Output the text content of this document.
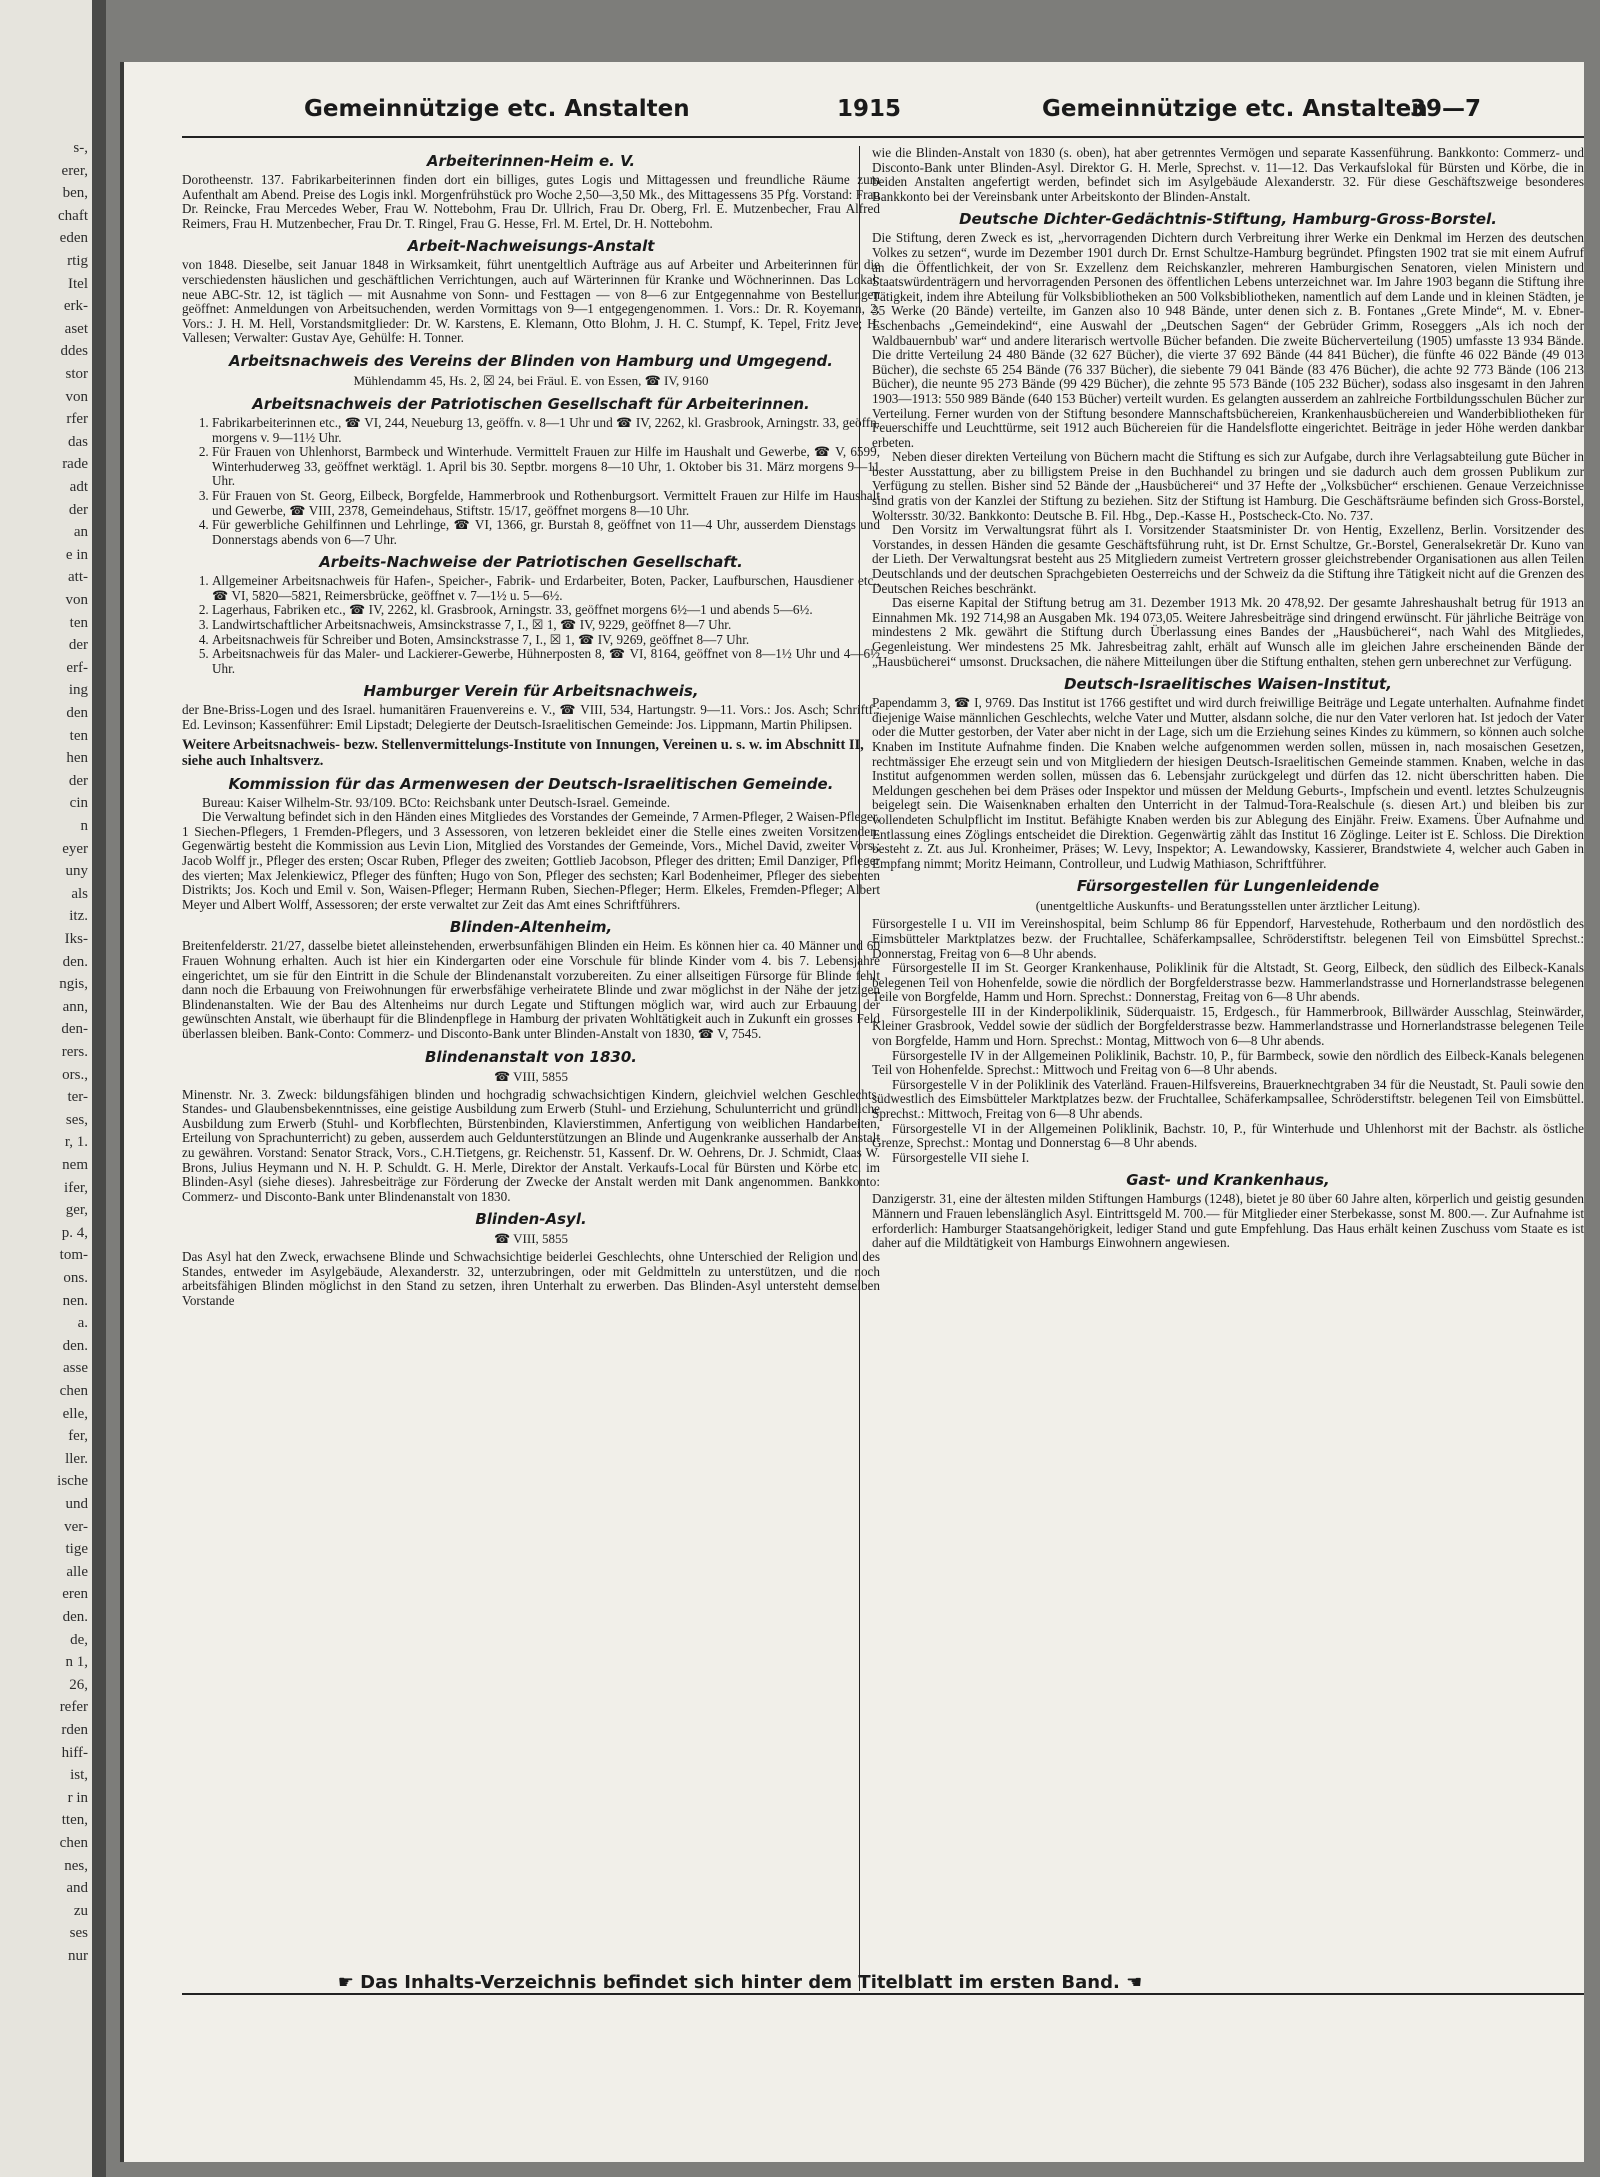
s-,
erer,
ben,
chaft
eden
rtig
Itel
erk-
aset
ddes
stor
von
rfer
das
rade
adt
der
an
e in
att-
von
ten
der
erf-
ing
den
ten
hen
der
cin
n
eyer
uny
als
itz.
Iks-
den.
ngis,
ann,
den-
rers.
ors.,
ter-
ses,
r, 1.
nem
ifer,
ger,
p. 4,
tom-
ons.
nen.
a.
den.
asse
chen
elle,
fer,
ller.
ische
und
ver-
tige
alle
eren
den.
de,
n 1,
26,
refer
rden
hiff-
ist,
r in
tten,
chen
nes,
and
zu
ses
nur
Gemeinnützige etc. Anstalten	1915	Gemeinnützige etc. Anstalten
39—7
Arbeiterinnen-Heim e. V.

Dorotheenstr. 137. Fabrikarbeiterinnen finden dort ein billiges, gutes Logis und Mittagessen und freundliche Räume zum Aufenthalt am Abend. Preise des Logis inkl. Morgenfrühstück pro Woche 2,50—3,50 Mk., des Mittagessens 35 Pfg. Vorstand: Frau Dr. Reincke, Frau Mercedes Weber, Frau W. Nottebohm, Frau Dr. Ullrich, Frau Dr. Oberg, Frl. E. Mutzenbecher, Frau Alfred Reimers, Frau H. Mutzenbecher, Frau Dr. T. Ringel, Frau G. Hesse, Frl. M. Ertel, Dr. H. Nottebohm.

Arbeit-Nachweisungs-Anstalt

von 1848. Dieselbe, seit Januar 1848 in Wirksamkeit, führt unentgeltlich Aufträge aus auf Arbeiter und Arbeiterinnen für die verschiedensten häuslichen und geschäftlichen Verrichtungen, auch auf Wärterinnen für Kranke und Wöchnerinnen. Das Lokal: neue ABC-Str. 12, ist täglich — mit Ausnahme von Sonn- und Festtagen — von 8—6 zur Entgegennahme von Bestellungen geöffnet: Anmeldungen von Arbeitsuchenden, werden Vormittags von 9—1 entgegengenommen. 1. Vors.: Dr. R. Koyemann, 2. Vors.: J. H. M. Hell, Vorstandsmitglieder: Dr. W. Karstens, E. Klemann, Otto Blohm, J. H. C. Stumpf, K. Tepel, Fritz Jeve; H. Vallesen; Verwalter: Gustav Aye, Gehülfe: H. Tonner.

Arbeitsnachweis des Vereins der Blinden von Hamburg und Umgegend.
Mühlendamm 45, Hs. 2, ☒ 24, bei Fräul. E. von Essen, ☎ IV, 9160
Arbeitsnachweis der Patriotischen Gesellschaft für Arbeiterinnen.
1. Fabrikarbeiterinnen etc., ☎ VI, 244, Neueburg 13, geöffn. v. 8—1 Uhr und ☎ IV, 2262, kl. Grasbrook, Arningstr. 33, geöffn. morgens v. 9—11½ Uhr.
2. Für Frauen von Uhlenhorst, Barmbeck und Winterhude. Vermittelt Frauen zur Hilfe im Haushalt und Gewerbe, ☎ V, 6599, Winterhuderweg 33, geöffnet werktägl. 1. April bis 30. Septbr. morgens 8—10 Uhr, 1. Oktober bis 31. März morgens 9—11 Uhr.
3. Für Frauen von St. Georg, Eilbeck, Borgfelde, Hammerbrook und Rothenburgsort. Vermittelt Frauen zur Hilfe im Haushalt und Gewerbe, ☎ VIII, 2378, Gemeindehaus, Stiftstr. 15/17, geöffnet morgens 8—10 Uhr.
4. Für gewerbliche Gehilfinnen und Lehrlinge, ☎ VI, 1366, gr. Burstah 8, geöffnet von 11—4 Uhr, ausserdem Dienstags und Donnerstags abends von 6—7 Uhr.
Arbeits-Nachweise der Patriotischen Gesellschaft.
1. Allgemeiner Arbeitsnachweis für Hafen-, Speicher-, Fabrik- und Erdarbeiter, Boten, Packer, Laufburschen, Hausdiener etc., ☎ VI, 5820—5821, Reimersbrücke, geöffnet v. 7—1½ u. 5—6½.
2. Lagerhaus, Fabriken etc., ☎ IV, 2262, kl. Grasbrook, Arningstr. 33, geöffnet morgens 6½—1 und abends 5—6½.
3. Landwirtschaftlicher Arbeitsnachweis, Amsinckstrasse 7, I., ☒ 1, ☎ IV, 9229, geöffnet 8—7 Uhr.
4. Arbeitsnachweis für Schreiber und Boten, Amsinckstrasse 7, I., ☒ 1, ☎ IV, 9269, geöffnet 8—7 Uhr.
5. Arbeitsnachweis für das Maler- und Lackierer-Gewerbe, Hühnerposten 8, ☎ VI, 8164, geöffnet von 8—1½ Uhr und 4—6½ Uhr.
Hamburger Verein für Arbeitsnachweis,

der Bne-Briss-Logen und des Israel. humanitären Frauenvereins e. V., ☎ VIII, 534, Hartungstr. 9—11. Vors.: Jos. Asch; Schriftf.: Ed. Levinson; Kassenführer: Emil Lipstadt; Delegierte der Deutsch-Israelitischen Gemeinde: Jos. Lippmann, Martin Philipsen.

Weitere Arbeitsnachweis- bezw. Stellenvermittelungs-Institute von Innungen, Vereinen u. s. w. im Abschnitt II, siehe auch Inhaltsverz.

Kommission für das Armenwesen der Deutsch-Israelitischen Gemeinde.

Bureau: Kaiser Wilhelm-Str. 93/109. BCto: Reichsbank unter Deutsch-Israel. Gemeinde.

Die Verwaltung befindet sich in den Händen eines Mitgliedes des Vorstandes der Gemeinde, 7 Armen-Pfleger, 2 Waisen-Pfleger, 1 Siechen-Pflegers, 1 Fremden-Pflegers, und 3 Assessoren, von letzeren bekleidet einer die Stelle eines zweiten Vorsitzenden. Gegenwärtig besteht die Kommission aus Levin Lion, Mitglied des Vorstandes der Gemeinde, Vors., Michel David, zweiter Vors.; Jacob Wolff jr., Pfleger des ersten; Oscar Ruben, Pfleger des zweiten; Gottlieb Jacobson, Pfleger des dritten; Emil Danziger, Pfleger des vierten; Max Jelenkiewicz, Pfleger des fünften; Hugo von Son, Pfleger des sechsten; Karl Bodenheimer, Pfleger des siebenten Distrikts; Jos. Koch und Emil v. Son, Waisen-Pfleger; Hermann Ruben, Siechen-Pfleger; Herm. Elkeles, Fremden-Pfleger; Albert Meyer und Albert Wolff, Assessoren; der erste verwaltet zur Zeit das Amt eines Schriftführers.

Blinden-Altenheim,

Breitenfelderstr. 21/27, dasselbe bietet alleinstehenden, erwerbsunfähigen Blinden ein Heim. Es können hier ca. 40 Männer und 60 Frauen Wohnung erhalten. Auch ist hier ein Kindergarten oder eine Vorschule für blinde Kinder vom 4. bis 7. Lebensjahre eingerichtet, um sie für den Eintritt in die Schule der Blindenanstalt vorzubereiten. Zu einer allseitigen Fürsorge für Blinde fehlt dann noch die Erbauung von Freiwohnungen für erwerbsfähige verheiratete Blinde und zwar möglichst in der Nähe der jetzigen Blindenanstalten. Wie der Bau des Altenheims nur durch Legate und Stiftungen möglich war, wird auch zur Erbauung der gewünschten Anstalt, wie überhaupt für die Blindenpflege in Hamburg der privaten Wohltätigkeit auch in Zukunft ein grosses Feld überlassen bleiben. Bank-Conto: Commerz- und Disconto-Bank unter Blinden-Anstalt von 1830, ☎ V, 7545.

Blindenanstalt von 1830.
☎ VIII, 5855

Minenstr. Nr. 3. Zweck: bildungsfähigen blinden und hochgradig schwachsichtigen Kindern, gleichviel welchen Geschlechts, Standes- und Glaubensbekenntnisses, eine geistige Ausbildung zum Erwerb (Stuhl- und Erziehung, Schulunterricht und gründliche Ausbildung zum Erwerb (Stuhl- und Korbflechten, Bürstenbinden, Klavierstimmen, Anfertigung von weiblichen Handarbeiten, Erteilung von Sprachunterricht) zu geben, ausserdem auch Geldunterstützungen an Blinde und Augenkranke ausserhalb der Anstalt zu gewähren. Vorstand: Senator Strack, Vors., C.H.Tietgens, gr. Reichenstr. 51, Kassenf. Dr. W. Oehrens, Dr. J. Schmidt, Claas W. Brons, Julius Heymann und N. H. P. Schuldt. G. H. Merle, Direktor der Anstalt. Verkaufs-Local für Bürsten und Körbe etc. im Blinden-Asyl (siehe dieses). Jahresbeiträge zur Förderung der Zwecke der Anstalt werden mit Dank angenommen. Bankkonto: Commerz- und Disconto-Bank unter Blindenanstalt von 1830.

Blinden-Asyl.
☎ VIII, 5855

Das Asyl hat den Zweck, erwachsene Blinde und Schwachsichtige beiderlei Geschlechts, ohne Unterschied der Religion und des Standes, entweder im Asylgebäude, Alexanderstr. 32, unterzubringen, oder mit Geldmitteln zu unterstützen, und die noch arbeitsfähigen Blinden möglichst in den Stand zu setzen, ihren Unterhalt zu erwerben. Das Blinden-Asyl untersteht demselben Vorstande

wie die Blinden-Anstalt von 1830 (s. oben), hat aber getrenntes Vermögen und separate Kassenführung. Bankkonto: Commerz- und Disconto-Bank unter Blinden-Asyl. Direktor G. H. Merle, Sprechst. v. 11—12. Das Verkaufslokal für Bürsten und Körbe, die in beiden Anstalten angefertigt werden, befindet sich im Asylgebäude Alexanderstr. 32. Für diese Geschäftszweige besonderes Bankkonto bei der Vereinsbank unter Arbeitskonto der Blinden-Anstalt.

Deutsche Dichter-Gedächtnis-Stiftung, Hamburg-Gross-Borstel.

Die Stiftung, deren Zweck es ist, „hervorragenden Dichtern durch Verbreitung ihrer Werke ein Denkmal im Herzen des deutschen Volkes zu setzen“, wurde im Dezember 1901 durch Dr. Ernst Schultze-Hamburg begründet. Pfingsten 1902 trat sie mit einem Aufruf an die Öffentlichkeit, der von Sr. Exzellenz dem Reichskanzler, mehreren Hamburgischen Senatoren, vielen Ministern und Staatswürdenträgern und hervorragenden Personen des öffentlichen Lebens unterzeichnet war. Im Jahre 1903 begann die Stiftung ihre Tätigkeit, indem ihre Abteilung für Volksbibliotheken an 500 Volksbibliotheken, namentlich auf dem Lande und in kleinen Städten, je 35 Werke (20 Bände) verteilte, im Ganzen also 10 948 Bände, unter denen sich z. B. Fontanes „Grete Minde“, M. v. Ebner-Eschenbachs „Gemeindekind“, eine Auswahl der „Deutschen Sagen“ der Gebrüder Grimm, Roseggers „Als ich noch der Waldbauernbub' war“ und andere literarisch wertvolle Bücher befanden. Die zweite Bücherverteilung (1905) umfasste 13 934 Bände. Die dritte Verteilung 24 480 Bände (32 627 Bücher), die vierte 37 692 Bände (44 841 Bücher), die fünfte 46 022 Bände (49 013 Bücher), die sechste 65 254 Bände (76 337 Bücher), die siebente 79 041 Bände (83 476 Bücher), die achte 92 773 Bände (106 213 Bücher), die neunte 95 273 Bände (99 429 Bücher), die zehnte 95 573 Bände (105 232 Bücher), sodass also insgesamt in den Jahren 1903—1913: 550 989 Bände (640 153 Bücher) verteilt wurden. Es gelangten ausserdem an zahlreiche Fortbildungsschulen Bücher zur Verteilung. Ferner wurden von der Stiftung besondere Mannschaftsbüchereien, Krankenhausbüchereien und Wanderbibliotheken für Feuerschiffe und Leuchttürme, seit 1912 auch Büchereien für die Handelsflotte eingerichtet. Beiträge in jeder Höhe werden dankbar erbeten.

Neben dieser direkten Verteilung von Büchern macht die Stiftung es sich zur Aufgabe, durch ihre Verlagsabteilung gute Bücher in bester Ausstattung, aber zu billigstem Preise in den Buchhandel zu bringen und sie dadurch auch dem grossen Publikum zur Verfügung zu stellen. Bisher sind 52 Bände der „Hausbücherei“ und 37 Hefte der „Volksbücher“ erschienen. Genaue Verzeichnisse sind gratis von der Kanzlei der Stiftung zu beziehen. Sitz der Stiftung ist Hamburg. Die Geschäftsräume befinden sich Gross-Borstel, Woltersstr. 30/32. Bankkonto: Deutsche B. Fil. Hbg., Dep.-Kasse H., Postscheck-Cto. No. 737.

Den Vorsitz im Verwaltungsrat führt als I. Vorsitzender Staatsminister Dr. von Hentig, Exzellenz, Berlin. Vorsitzender des Vorstandes, in dessen Händen die gesamte Geschäftsführung ruht, ist Dr. Ernst Schultze, Gr.-Borstel, Generalsekretär Dr. Kuno van der Lieth. Der Verwaltungsrat besteht aus 25 Mitgliedern zumeist Vertretern grosser gleichstrebender Organisationen aus allen Teilen Deutschlands und der deutschen Sprachgebieten Oesterreichs und der Schweiz da die Stiftung ihre Tätigkeit nicht auf die Grenzen des Deutschen Reiches beschränkt.

Das eiserne Kapital der Stiftung betrug am 31. Dezember 1913 Mk. 20 478,92. Der gesamte Jahreshaushalt betrug für 1913 an Einnahmen Mk. 192 714,98 an Ausgaben Mk. 194 073,05. Weitere Jahresbeiträge sind dringend erwünscht. Für jährliche Beiträge von mindestens 2 Mk. gewährt die Stiftung durch Überlassung eines Bandes der „Hausbücherei“, nach Wahl des Mitgliedes, Gegenleistung. Wer mindestens 25 Mk. Jahresbeitrag zahlt, erhält auf Wunsch alle im gleichen Jahre erscheinenden Bände der „Hausbücherei“ umsonst. Drucksachen, die nähere Mitteilungen über die Stiftung enthalten, stehen gern unberechnet zur Verfügung.

Deutsch-Israelitisches Waisen-Institut,

Papendamm 3, ☎ I, 9769. Das Institut ist 1766 gestiftet und wird durch freiwillige Beiträge und Legate unterhalten. Aufnahme findet diejenige Waise männlichen Geschlechts, welche Vater und Mutter, alsdann solche, die nur den Vater verloren hat. Ist jedoch der Vater oder die Mutter gestorben, der Vater aber nicht in der Lage, sich um die Erziehung seines Kindes zu kümmern, so können auch solche Knaben im Institute Aufnahme finden. Die Knaben welche aufgenommen werden sollen, müssen in, nach mosaischen Gesetzen, rechtmässiger Ehe erzeugt sein und von Mitgliedern der hiesigen Deutsch-Israelitischen Gemeinde stammen. Knaben, welche in das Institut aufgenommen werden sollen, müssen das 6. Lebensjahr zurückgelegt und dürfen das 12. nicht überschritten haben. Die Meldungen geschehen bei dem Präses oder Inspektor und müssen der Meldung Geburts-, Impfschein und eventl. letztes Schulzeugnis beigelegt sein. Die Waisenknaben erhalten den Unterricht in der Talmud-Tora-Realschule (s. diesen Art.) und bleiben bis zur vollendeten Schulpflicht im Institut. Befähigte Knaben werden bis zur Ablegung des Einjähr. Freiw. Examens. Über Aufnahme und Entlassung eines Zöglings entscheidet die Direktion. Gegenwärtig zählt das Institut 16 Zöglinge. Leiter ist E. Schloss. Die Direktion besteht z. Zt. aus Jul. Kronheimer, Präses; W. Levy, Inspektor; A. Lewandowsky, Kassierer, Brandstwiete 4, welcher auch Gaben in Empfang nimmt; Moritz Heimann, Controlleur, und Ludwig Mathiason, Schriftführer.

Fürsorgestellen für Lungenleidende
(unentgeltliche Auskunfts- und Beratungsstellen unter ärztlicher Leitung).

Fürsorgestelle I u. VII im Vereinshospital, beim Schlump 86 für Eppendorf, Harvestehude, Rotherbaum und den nordöstlich des Eimsbütteler Marktplatzes bezw. der Fruchtallee, Schäferkampsallee, Schröderstiftstr. belegenen Teil von Eimsbüttel Sprechst.: Donnerstag, Freitag von 6—8 Uhr abends.

Fürsorgestelle II im St. Georger Krankenhause, Poliklinik für die Altstadt, St. Georg, Eilbeck, den südlich des Eilbeck-Kanals belegenen Teil von Hohenfelde, sowie die nördlich der Borgfelderstrasse bezw. Hammerlandstrasse und Hornerlandstrasse belegenen Teile von Borgfelde, Hamm und Horn. Sprechst.: Donnerstag, Freitag von 6—8 Uhr abends.

Fürsorgestelle III in der Kinderpoliklinik, Süderquaistr. 15, Erdgesch., für Hammerbrook, Billwärder Ausschlag, Steinwärder, Kleiner Grasbrook, Veddel sowie der südlich der Borgfelderstrasse bezw. Hammerlandstrasse und Hornerlandstrasse belegenen Teile von Borgfelde, Hamm und Horn. Sprechst.: Montag, Mittwoch von 6—8 Uhr abends.

Fürsorgestelle IV in der Allgemeinen Poliklinik, Bachstr. 10, P., für Barmbeck, sowie den nördlich des Eilbeck-Kanals belegenen Teil von Hohenfelde. Sprechst.: Mittwoch und Freitag von 6—8 Uhr abends.

Fürsorgestelle V in der Poliklinik des Vaterländ. Frauen-Hilfsvereins, Brauerknechtgraben 34 für die Neustadt, St. Pauli sowie den südwestlich des Eimsbütteler Marktplatzes bezw. der Fruchtallee, Schäferkampsallee, Schröderstiftstr. belegenen Teil von Eimsbüttel. Sprechst.: Mittwoch, Freitag von 6—8 Uhr abends.

Fürsorgestelle VI in der Allgemeinen Poliklinik, Bachstr. 10, P., für Winterhude und Uhlenhorst mit der Bachstr. als östliche Grenze, Sprechst.: Montag und Donnerstag 6—8 Uhr abends.

Fürsorgestelle VII siehe I.

Gast- und Krankenhaus,

Danzigerstr. 31, eine der ältesten milden Stiftungen Hamburgs (1248), bietet je 80 über 60 Jahre alten, körperlich und geistig gesunden Männern und Frauen lebenslänglich Asyl. Eintrittsgeld M. 700.— für Mitglieder einer Sterbekasse, sonst M. 800.—. Zur Aufnahme ist erforderlich: Hamburger Staatsangehörigkeit, lediger Stand und gute Empfehlung. Das Haus erhält keinen Zuschuss vom Staate es ist daher auf die Mildtätigkeit von Hamburgs Einwohnern angewiesen.

☛ Das Inhalts-Verzeichnis befindet sich hinter dem Titelblatt im ersten Band. ☚
